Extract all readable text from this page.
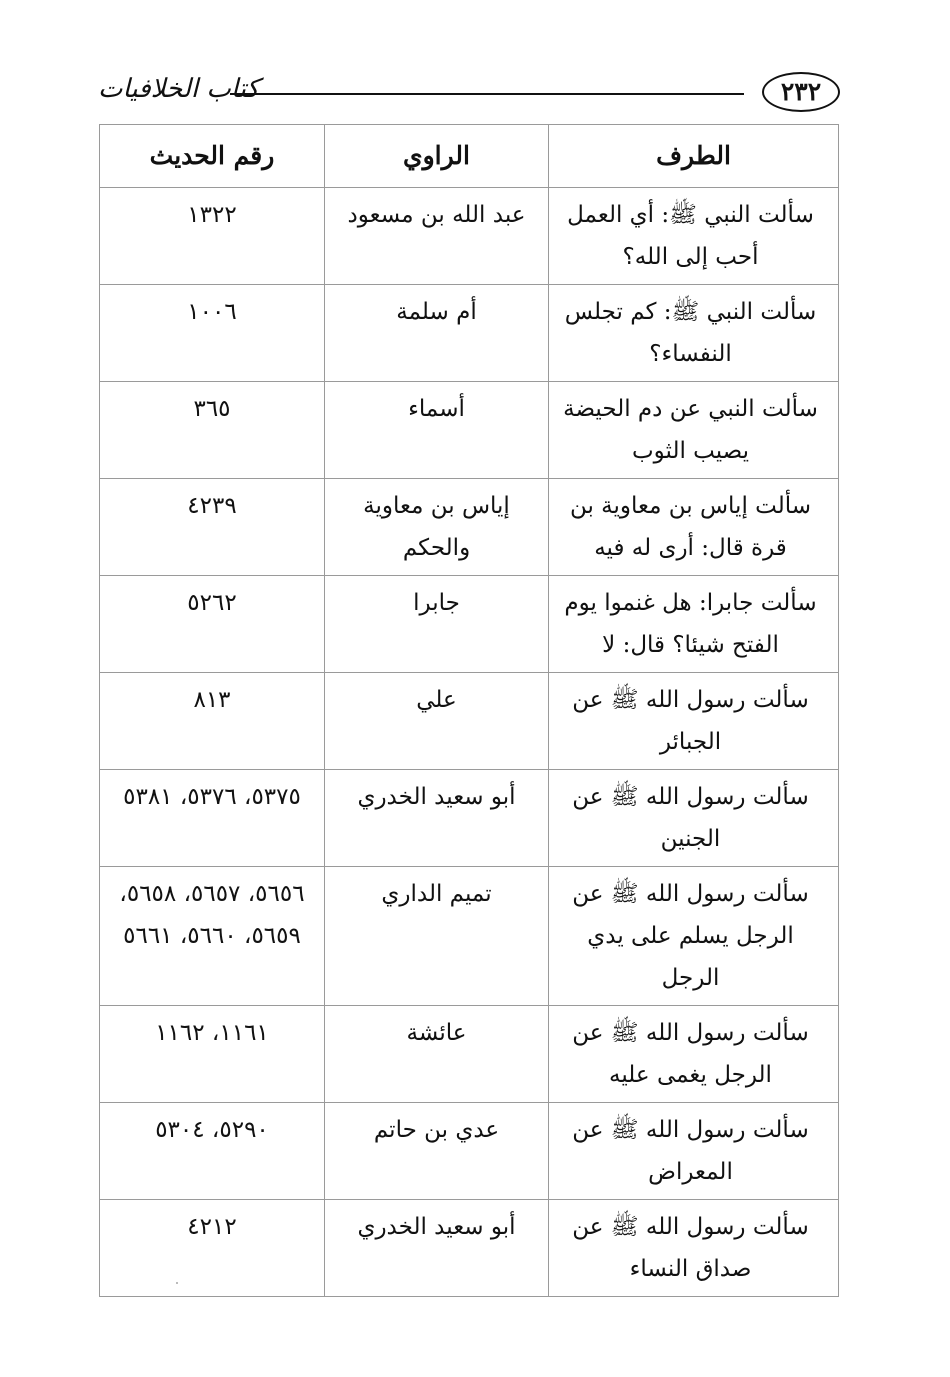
كتاب الخلافيات	٢٣٢
الطرف	الراوي	رقم الحديث
سألت النبي ﷺ: أي العمل أحب إلى الله؟	عبد الله بن مسعود	١٣٢٢
سألت النبي ﷺ: كم تجلس النفساء؟	أم سلمة	١٠٠٦
سألت النبي عن دم الحيضة يصيب الثوب	أسماء	٣٦٥
سألت إياس بن معاوية بن قرة قال: أرى له فيه	إياس بن معاوية والحكم	٤٢٣٩
سألت جابرا: هل غنموا يوم الفتح شيئا؟ قال: لا	جابرا	٥٢٦٢
سألت رسول الله ﷺ عن الجبائر	علي	٨١٣
سألت رسول الله ﷺ عن الجنين	أبو سعيد الخدري	٥٣٧٥، ٥٣٧٦، ٥٣٨١
سألت رسول الله ﷺ عن الرجل يسلم على يدي الرجل	تميم الداري	٥٦٥٦، ٥٦٥٧، ٥٦٥٨، ٥٦٥٩، ٥٦٦٠، ٥٦٦١
سألت رسول الله ﷺ عن الرجل يغمى عليه	عائشة	١١٦١، ١١٦٢
سألت رسول الله ﷺ عن المعراض	عدي بن حاتم	٥٢٩٠، ٥٣٠٤
سألت رسول الله ﷺ عن صداق النساء	أبو سعيد الخدري	٤٢١٢
